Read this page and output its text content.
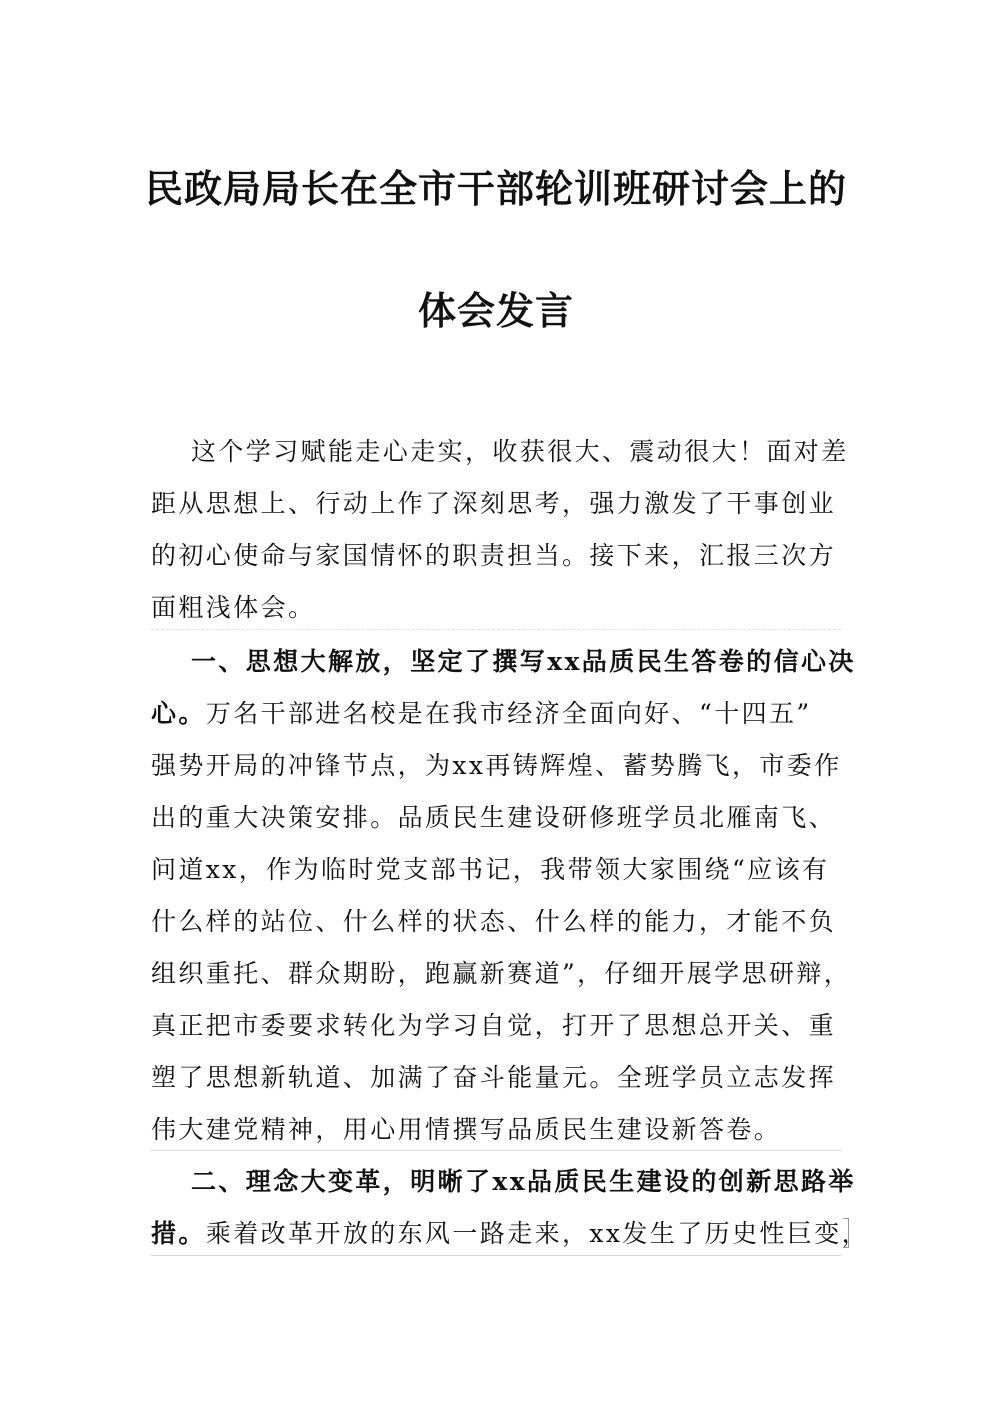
民政局局长在全市干部轮训班研讨会上的
体会发言
这个学习赋能走心走实，收获很大、震动很大！面对差
距从思想上、行动上作了深刻思考，强力激发了干事创业
的初心使命与家国情怀的职责担当。接下来，汇报三次方
面粗浅体会。
一、思想大解放，坚定了撰写xx品质民生答卷的信心决
心。万名干部进名校是在我市经济全面向好、“十四五”
强势开局的冲锋节点，为xx再铸辉煌、蓄势腾飞，市委作
出的重大决策安排。品质民生建设研修班学员北雁南飞、
问道xx，作为临时党支部书记，我带领大家围绕“应该有
什么样的站位、什么样的状态、什么样的能力，才能不负
组织重托、群众期盼，跑赢新赛道”，仔细开展学思研辩，
真正把市委要求转化为学习自觉，打开了思想总开关、重
塑了思想新轨道、加满了奋斗能量元。全班学员立志发挥
伟大建党精神，用心用情撰写品质民生建设新答卷。
二、理念大变革，明晰了xx品质民生建设的创新思路举
措。乘着改革开放的东风一路走来，xx发生了历史性巨变，
